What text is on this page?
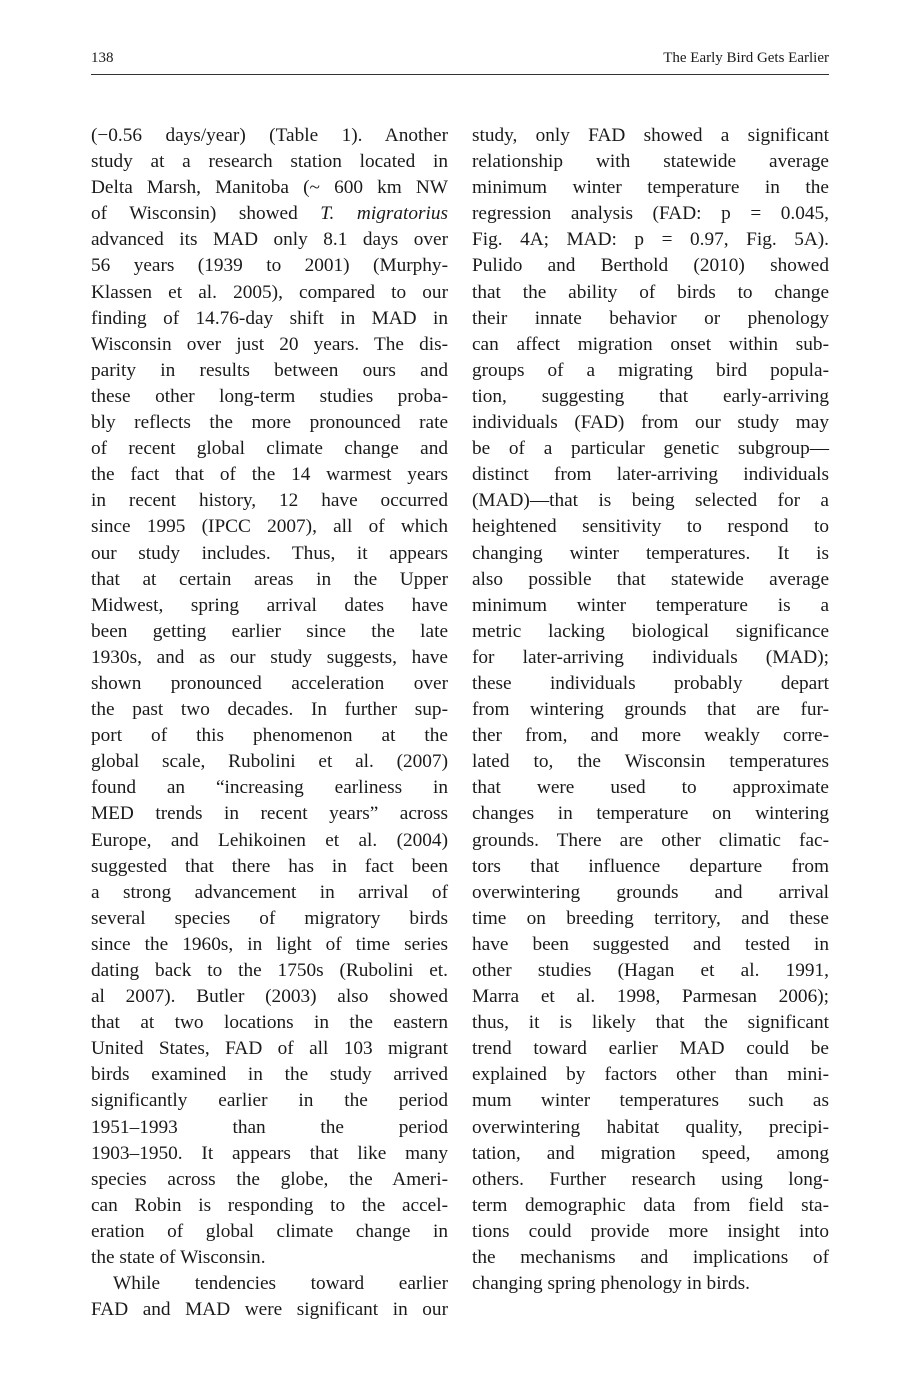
138	The Early Bird Gets Earlier

(−0.56 days/year) (Table 1). Another
study at a research station located in
Delta Marsh, Manitoba (~ 600 km NW
of Wisconsin) showed T. migratorius
advanced its MAD only 8.1 days over
56 years (1939 to 2001) (Murphy-
Klassen et al. 2005), compared to our
finding of 14.76-day shift in MAD in
Wisconsin over just 20 years. The dis-
parity in results between ours and
these other long-term studies proba-
bly reflects the more pronounced rate
of recent global climate change and
the fact that of the 14 warmest years
in recent history, 12 have occurred
since 1995 (IPCC 2007), all of which
our study includes. Thus, it appears
that at certain areas in the Upper
Midwest, spring arrival dates have
been getting earlier since the late
1930s, and as our study suggests, have
shown pronounced acceleration over
the past two decades. In further sup-
port of this phenomenon at the
global scale, Rubolini et al. (2007)
found an “increasing earliness in
MED trends in recent years” across
Europe, and Lehikoinen et al. (2004)
suggested that there has in fact been
a strong advancement in arrival of
several species of migratory birds
since the 1960s, in light of time series
dating back to the 1750s (Rubolini et.
al 2007). Butler (2003) also showed
that at two locations in the eastern
United States, FAD of all 103 migrant
birds examined in the study arrived
significantly earlier in the period
1951–1993 than the period
1903–1950. It appears that like many
species across the globe, the Ameri-
can Robin is responding to the accel-
eration of global climate change in
the state of Wisconsin.

While tendencies toward earlier
FAD and MAD were significant in our

study, only FAD showed a significant
relationship with statewide average
minimum winter temperature in the
regression analysis (FAD: p = 0.045,
Fig. 4A; MAD: p = 0.97, Fig. 5A).
Pulido and Berthold (2010) showed
that the ability of birds to change
their innate behavior or phenology
can affect migration onset within sub-
groups of a migrating bird popula-
tion, suggesting that early-arriving
individuals (FAD) from our study may
be of a particular genetic subgroup—
distinct from later-arriving individuals
(MAD)—that is being selected for a
heightened sensitivity to respond to
changing winter temperatures. It is
also possible that statewide average
minimum winter temperature is a
metric lacking biological significance
for later-arriving individuals (MAD);
these individuals probably depart
from wintering grounds that are fur-
ther from, and more weakly corre-
lated to, the Wisconsin temperatures
that were used to approximate
changes in temperature on wintering
grounds. There are other climatic fac-
tors that influence departure from
overwintering grounds and arrival
time on breeding territory, and these
have been suggested and tested in
other studies (Hagan et al. 1991,
Marra et al. 1998, Parmesan 2006);
thus, it is likely that the significant
trend toward earlier MAD could be
explained by factors other than mini-
mum winter temperatures such as
overwintering habitat quality, precipi-
tation, and migration speed, among
others. Further research using long-
term demographic data from field sta-
tions could provide more insight into
the mechanisms and implications of
changing spring phenology in birds.
